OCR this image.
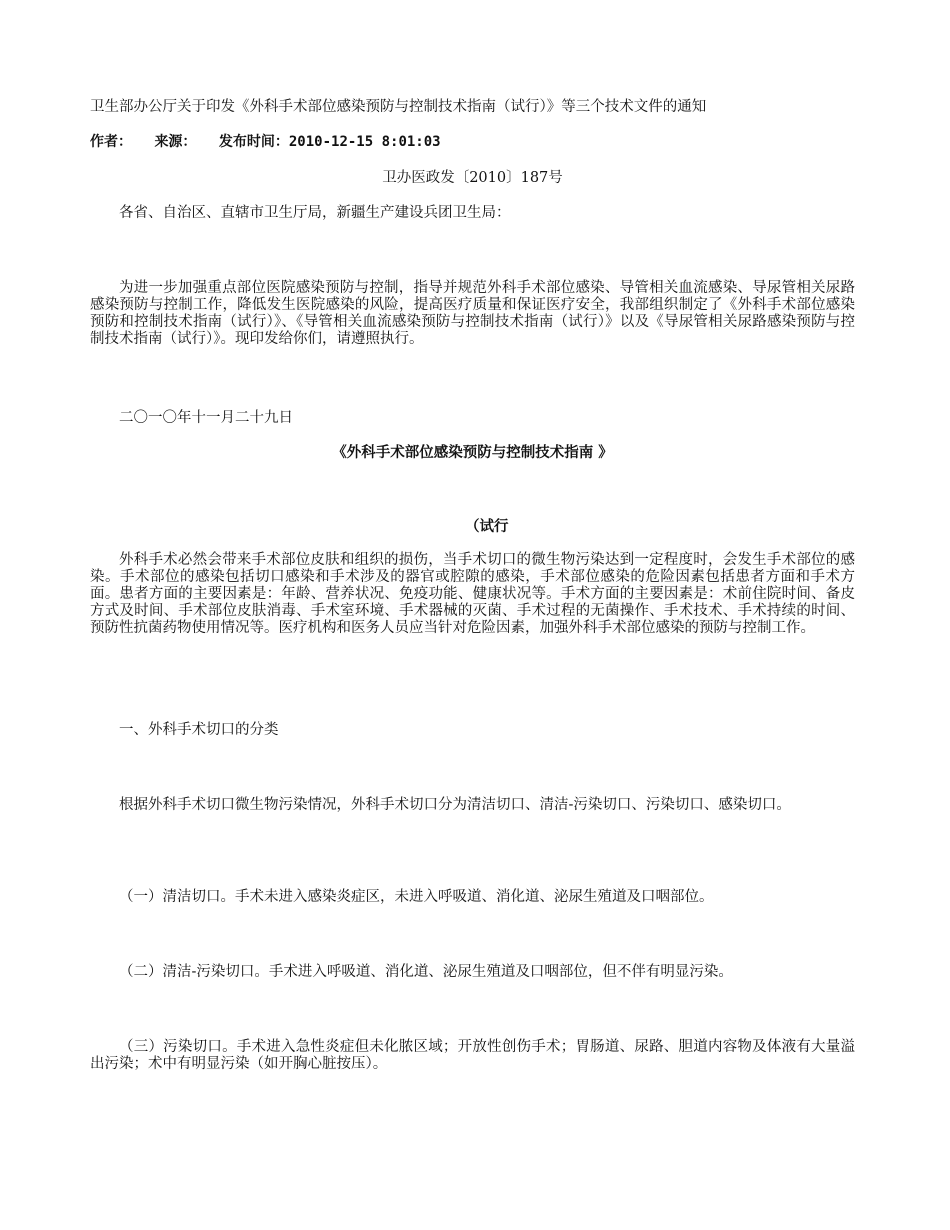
卫生部办公厅关于印发《外科手术部位感染预防与控制技术指南（试行）》等三个技术文件的通知

作者： 来源： 发布时间：2010-12-15 8:01:03

卫办医政发〔2010〕187号

各省、自治区、直辖市卫生厅局，新疆生产建设兵团卫生局：

为进一步加强重点部位医院感染预防与控制，指导并规范外科手术部位感染、导管相关血流感染、导尿管相关尿路感染预防与控制工作，降低发生医院感染的风险，提高医疗质量和保证医疗安全，我部组织制定了《外科手术部位感染预防和控制技术指南（试行）》、《导管相关血流感染预防与控制技术指南（试行）》以及《导尿管相关尿路感染预防与控制技术指南（试行）》。现印发给你们，请遵照执行。

二〇一〇年十一月二十九日

《外科手术部位感染预防与控制技术指南 》

（试行

外科手术必然会带来手术部位皮肤和组织的损伤，当手术切口的微生物污染达到一定程度时，会发生手术部位的感染。手术部位的感染包括切口感染和手术涉及的器官或腔隙的感染，手术部位感染的危险因素包括患者方面和手术方面。患者方面的主要因素是：年龄、营养状况、免疫功能、健康状况等。手术方面的主要因素是：术前住院时间、备皮方式及时间、手术部位皮肤消毒、手术室环境、手术器械的灭菌、手术过程的无菌操作、手术技术、手术持续的时间、预防性抗菌药物使用情况等。医疗机构和医务人员应当针对危险因素，加强外科手术部位感染的预防与控制工作。

一、外科手术切口的分类

根据外科手术切口微生物污染情况，外科手术切口分为清洁切口、清洁-污染切口、污染切口、感染切口。

（一）清洁切口。手术未进入感染炎症区，未进入呼吸道、消化道、泌尿生殖道及口咽部位。

（二）清洁-污染切口。手术进入呼吸道、消化道、泌尿生殖道及口咽部位，但不伴有明显污染。

（三）污染切口。手术进入急性炎症但未化脓区域；开放性创伤手术；胃肠道、尿路、胆道内容物及体液有大量溢出污染；术中有明显污染（如开胸心脏按压）。
